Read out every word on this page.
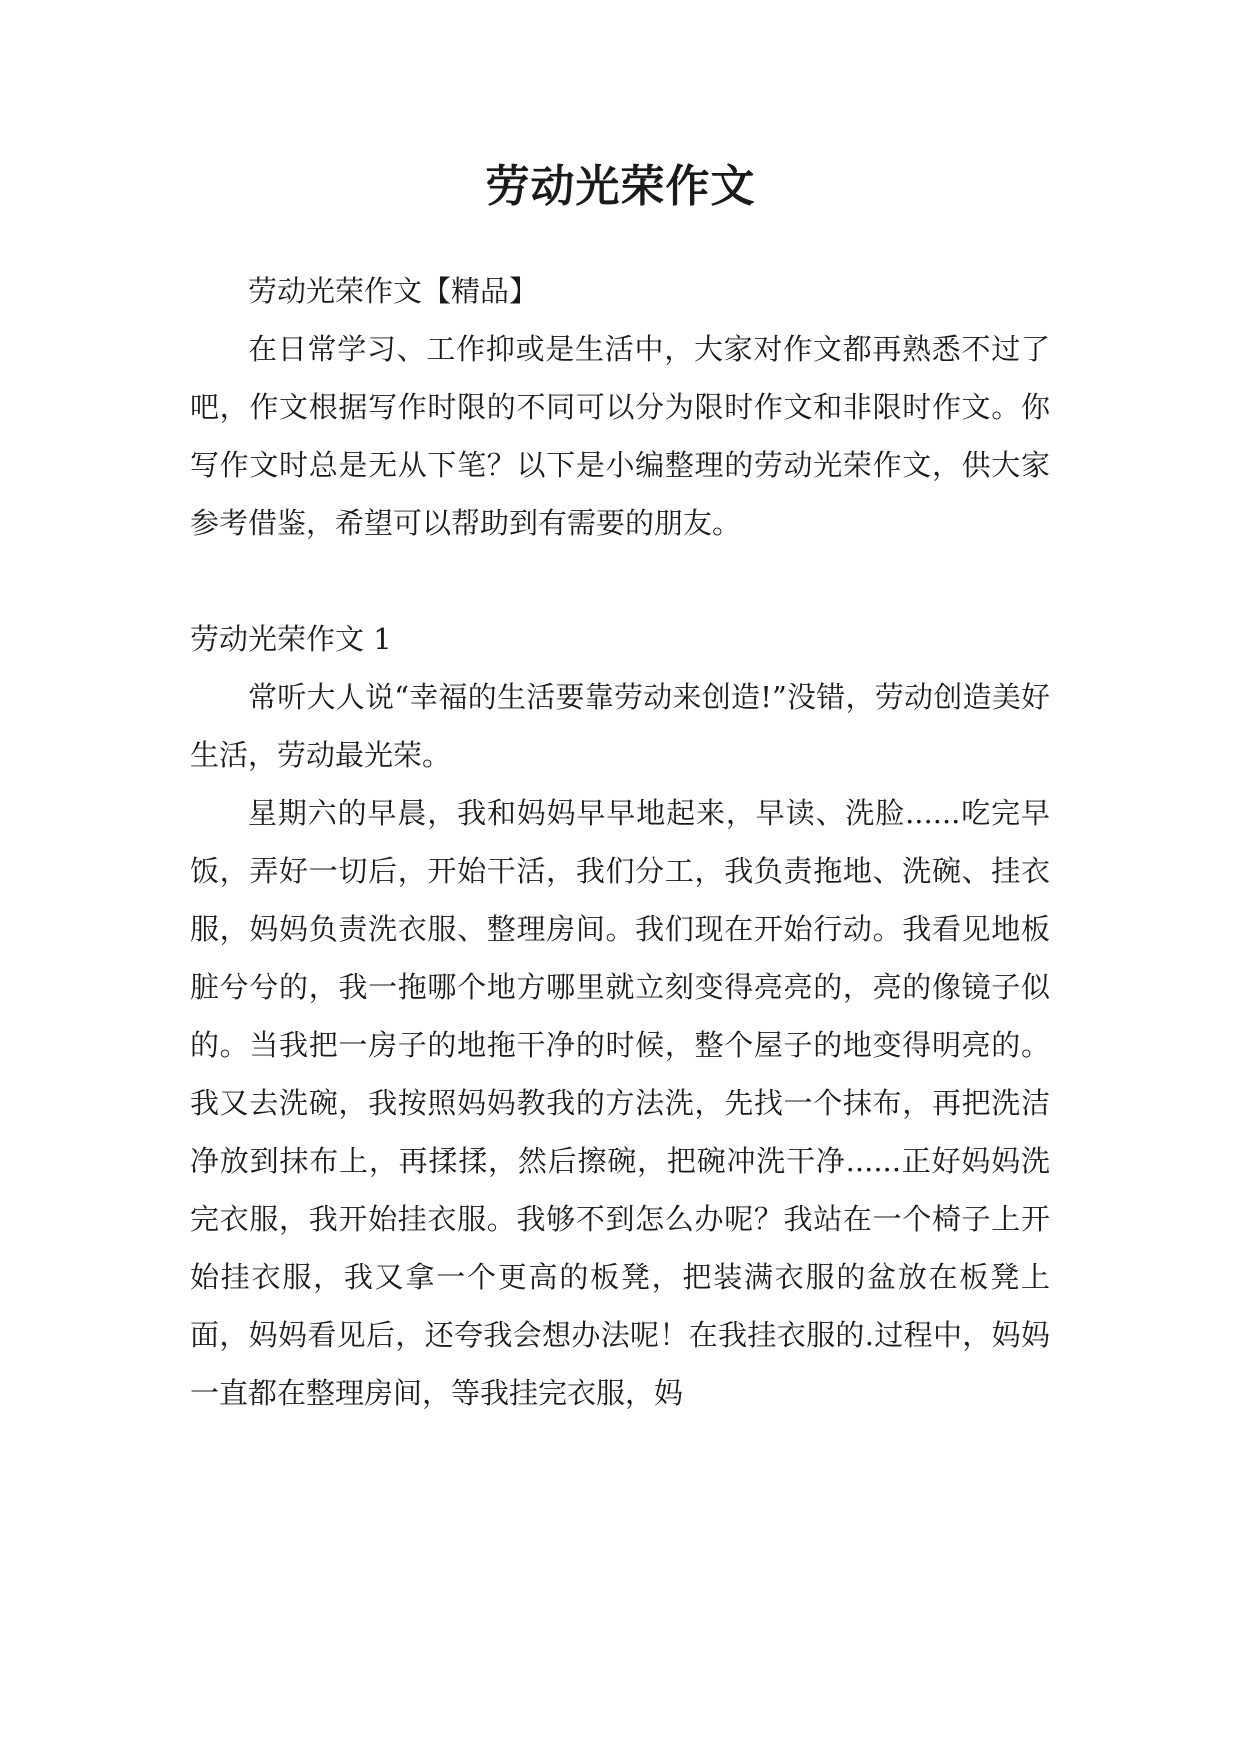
劳动光荣作文

劳动光荣作文【精品】

在日常学习、工作抑或是生活中，大家对作文都再熟悉不过了吧，作文根据写作时限的不同可以分为限时作文和非限时作文。你写作文时总是无从下笔？以下是小编整理的劳动光荣作文，供大家参考借鉴，希望可以帮助到有需要的朋友。

劳动光荣作文 1

常听大人说“幸福的生活要靠劳动来创造!”没错，劳动创造美好生活，劳动最光荣。

星期六的早晨，我和妈妈早早地起来，早读、洗脸......吃完早饭，弄好一切后，开始干活，我们分工，我负责拖地、洗碗、挂衣服，妈妈负责洗衣服、整理房间。我们现在开始行动。我看见地板脏兮兮的，我一拖哪个地方哪里就立刻变得亮亮的，亮的像镜子似的。当我把一房子的地拖干净的时候，整个屋子的地变得明亮的。我又去洗碗，我按照妈妈教我的方法洗，先找一个抹布，再把洗洁净放到抹布上，再揉揉，然后擦碗，把碗冲洗干净......正好妈妈洗完衣服，我开始挂衣服。我够不到怎么办呢？我站在一个椅子上开始挂衣服，我又拿一个更高的板凳，把装满衣服的盆放在板凳上面，妈妈看见后，还夸我会想办法呢！在我挂衣服的.过程中，妈妈一直都在整理房间，等我挂完衣服，妈
